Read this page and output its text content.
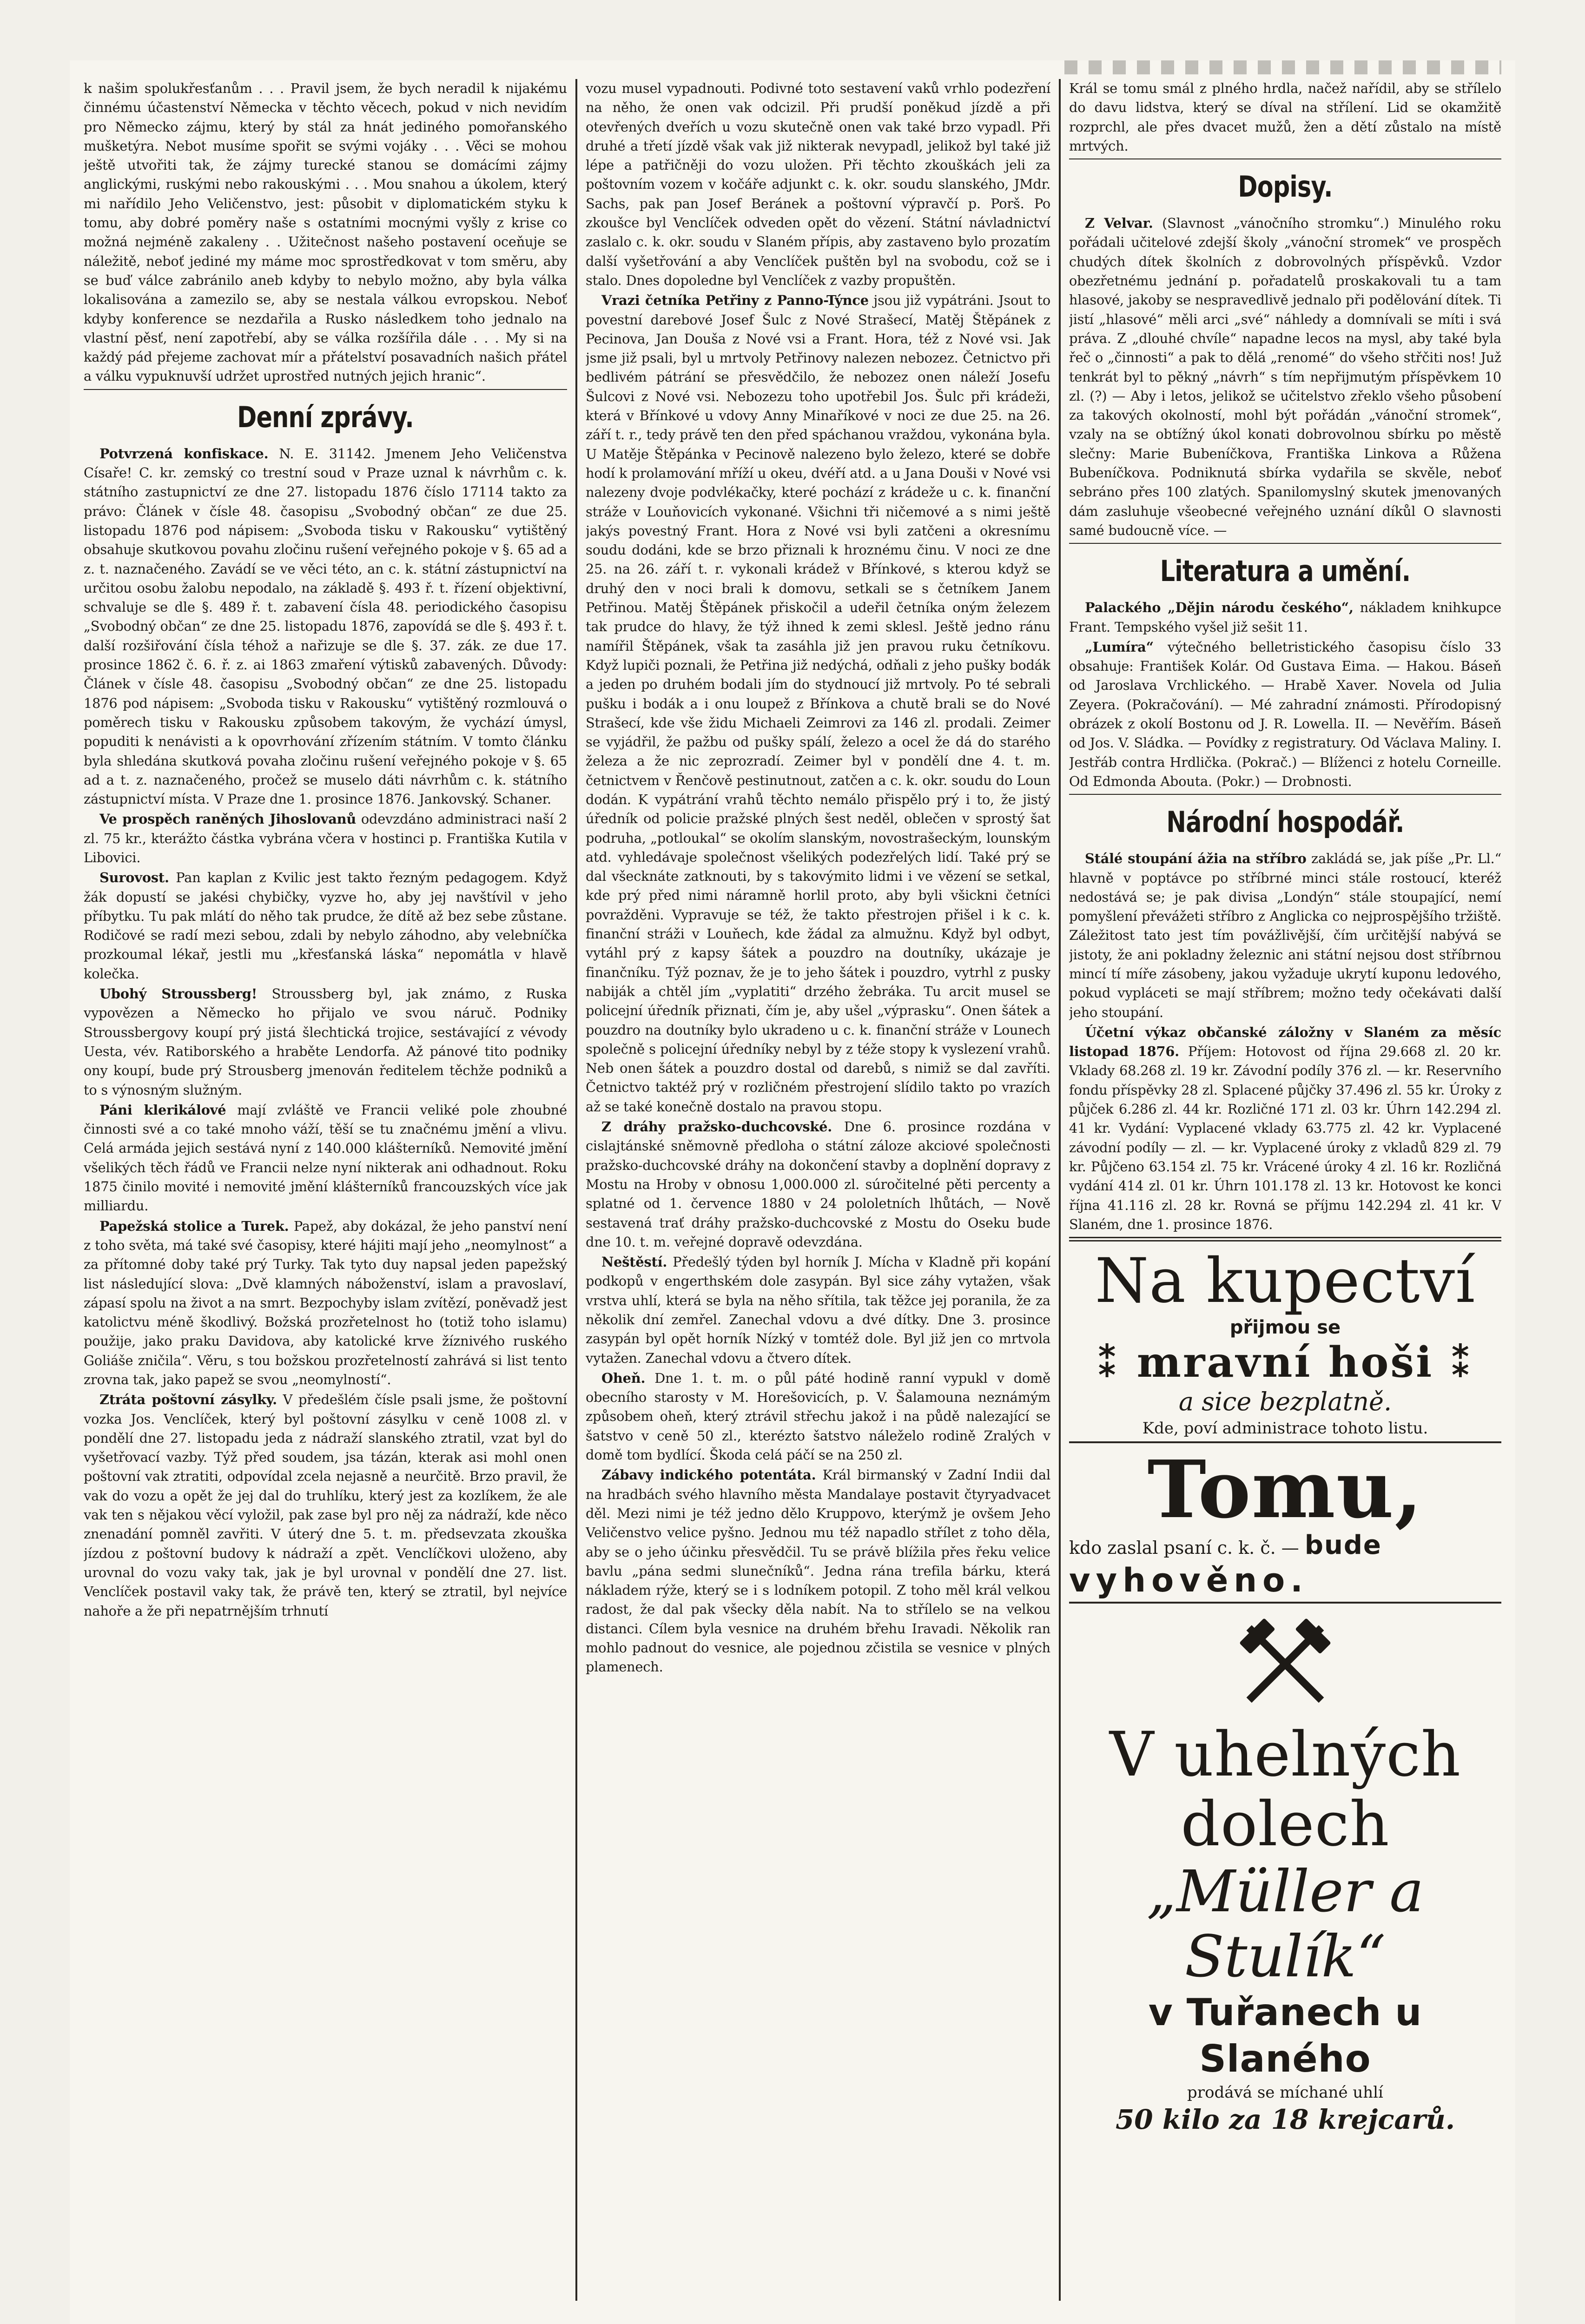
k našim spolukřesťanům . . . Pravil jsem, že bych neradil k nijakému činnému účastenství Německa v těchto věcech, pokud v nich nevidím pro Německo zájmu, který by stál za hnát jediného pomořanského mušketýra. Nebot musíme spořit se svými vojáky . . . Věci se mohou ještě utvořiti tak, že zájmy turecké stanou se domácími zájmy anglickými, ruskými nebo rakouskými . . . Mou snahou a úkolem, který mi nařídilo Jeho Veličenstvo, jest: působit v diplomatickém styku k tomu, aby dobré poměry naše s ostatními mocnými vyšly z krise co možná nejméně zakaleny . . Užitečnost našeho postavení oceňuje se náležitě, neboť jediné my máme moc sprostředkovat v tom směru, aby se buď válce zabránilo aneb kdyby to nebylo možno, aby byla válka lokalisována a zamezilo se, aby se nestala válkou evropskou. Neboť kdyby konference se nezdařila a Rusko následkem toho jednalo na vlastní pěsť, není zapotřebí, aby se válka rozšířila dále . . . My si na každý pád přejeme zachovat mír a přátelství posavadních našich přátel a válku vypuknuvší udržet uprostřed nutných jejich hranic“.

Denní zprávy.

Potvrzená konfiskace. N. E. 31142. Jmenem Jeho Veličenstva Císaře! C. kr. zemský co trestní soud v Praze uznal k návrhům c. k. státního zastupnictví ze dne 27. listopadu 1876 číslo 17114 takto za právo: Článek v čísle 48. časopisu „Svobodný občan“ ze due 25. listopadu 1876 pod nápisem: „Svoboda tisku v Rakousku“ vytištěný obsahuje skutkovou povahu zločinu rušení veřejného pokoje v §. 65 ad a z. t. naznačeného. Zavádí se ve věci této, an c. k. státní zástupnictví na určitou osobu žalobu nepodalo, na základě §. 493 ř. t. řízení objektivní, schvaluje se dle §. 489 ř. t. zabavení čísla 48. periodického časopisu „Svobodný občan“ ze dne 25. listopadu 1876, zapovídá se dle §. 493 ř. t. další rozšiřování čísla téhož a nařizuje se dle §. 37. zák. ze due 17. prosince 1862 č. 6. ř. z. ai 1863 zmaření výtisků zabavených. Důvody: Článek v čísle 48. časopisu „Svobodný občan“ ze dne 25. listopadu 1876 pod nápisem: „Svoboda tisku v Rakousku“ vytištěný rozmlouvá o poměrech tisku v Rakousku způsobem takovým, že vychází úmysl, popuditi k nenávisti a k opovrhování zřízením státním. V tomto článku byla shledána skutková povaha zločinu rušení veřejného pokoje v §. 65 ad a t. z. naznačeného, pročež se muselo dáti návrhům c. k. státního zástupnictví místa. V Praze dne 1. prosince 1876. Jankovský. Schaner.

Ve prospěch raněných Jihoslovanů odevzdáno administraci naší 2 zl. 75 kr., kterážto částka vybrána včera v hostinci p. Františka Kutila v Libovici.

Surovost. Pan kaplan z Kvilic jest takto řezným pedagogem. Když žák dopustí se jakési chybičky, vyzve ho, aby jej navštívil v jeho příbytku. Tu pak mlátí do něho tak prudce, že dítě až bez sebe zůstane. Rodičové se radí mezi sebou, zdali by nebylo záhodno, aby velebníčka prozkoumal lékař, jestli mu „křesťanská láska“ nepomátla v hlavě kolečka.

Ubohý Stroussberg! Stroussberg byl, jak známo, z Ruska vypovězen a Německo ho přijalo ve svou náruč. Podniky Stroussbergovy koupí prý jistá šlechtická trojice, sestávající z vévody Uesta, vév. Ratiborského a hraběte Lendorfa. Až pánové tito podniky ony koupí, bude prý Strousberg jmenován ředitelem těchže podniků a to s výnosným služným.

Páni klerikálové mají zvláště ve Francii veliké pole zhoubné činnosti své a co také mnoho váží, těší se tu značnému jmění a vlivu. Celá armáda jejich sestává nyní z 140.000 klášterníků. Nemovité jmění všelikých těch řádů ve Francii nelze nyní nikterak ani odhadnout. Roku 1875 činilo movité i nemovité jmění klášterníků francouzských více jak milliardu.

Papežská stolice a Turek. Papež, aby dokázal, že jeho panství není z toho světa, má také své časopisy, které hájiti mají jeho „neomylnost“ a za přítomné doby také prý Turky. Tak tyto duy napsal jeden papežský list následující slova: „Dvě klamných náboženství, islam a pravoslaví, zápasí spolu na život a na smrt. Bezpochyby islam zvítězí, poněvadž jest katolictvu méně škodlivý. Božská prozřetelnost ho (totiž toho islamu) použije, jako praku Davidova, aby katolické krve žíznivého ruského Goliáše zničila“. Věru, s tou božskou prozřetelností zahrává si list tento zrovna tak, jako papež se svou „neomylností“.

Ztráta poštovní zásylky. V předešlém čísle psali jsme, že poštovní vozka Jos. Venclíček, který byl poštovní zásylku v ceně 1008 zl. v pondělí dne 27. listopadu jeda z nádraží slanského ztratil, vzat byl do vyšetřovací vazby. Týž před soudem, jsa tázán, kterak asi mohl onen poštovní vak ztratiti, odpovídal zcela nejasně a neurčitě. Brzo pravil, že vak do vozu a opět že jej dal do truhlíku, který jest za kozlíkem, že ale vak ten s nějakou věcí vyložil, pak zase byl pro něj za nádraží, kde něco znenadání pomněl zavřiti. V úterý dne 5. t. m. předsevzata zkouška jízdou z poštovní budovy k nádraží a zpět. Venclíčkovi uloženo, aby urovnal do vozu vaky tak, jak je byl urovnal v pondělí dne 27. list. Venclíček postavil vaky tak, že právě ten, který se ztratil, byl nejvíce nahoře a že při nepatrnějším trhnutí

vozu musel vypadnouti. Podivné toto sestavení vaků vrhlo podezření na něho, že onen vak odcizil. Při prudší poněkud jízdě a při otevřených dveřích u vozu skutečně onen vak také brzo vypadl. Při druhé a třetí jízdě však vak již nikterak nevypadl, jelikož byl také již lépe a patřičněji do vozu uložen. Při těchto zkouškách jeli za poštovním vozem v kočáře adjunkt c. k. okr. soudu slanského, JMdr. Sachs, pak pan Josef Beránek a poštovní výpravčí p. Porš. Po zkoušce byl Venclíček odveden opět do vězení. Státní návladnictví zaslalo c. k. okr. soudu v Slaném přípis, aby zastaveno bylo prozatím další vyšetřování a aby Venclíček puštěn byl na svobodu, což se i stalo. Dnes dopoledne byl Venclíček z vazby propuštěn.

Vrazi četníka Petřiny z Panno-Týnce jsou již vypátráni. Jsout to povestní darebové Josef Šulc z Nové Strašecí, Matěj Štěpánek z Pecinova, Jan Douša z Nové vsi a Frant. Hora, též z Nové vsi. Jak jsme již psali, byl u mrtvoly Petřinovy nalezen nebozez. Četnictvo při bedlivém pátrání se přesvědčilo, že nebozez onen náleží Josefu Šulcovi z Nové vsi. Nebozezu toho upotřebil Jos. Šulc při krádeži, která v Břínkové u vdovy Anny Minaříkové v noci ze due 25. na 26. září t. r., tedy právě ten den před spáchanou vraždou, vykonána byla. U Matěje Štěpánka v Pecinově nalezeno bylo železo, které se dobře hodí k prolamování mříží u okeu, dvéří atd. a u Jana Douši v Nové vsi nalezeny dvoje podvlékačky, které pochází z krádeže u c. k. finanční stráže v Louňovicích vykonané. Všichni tři ničemové a s nimi ještě jakýs povestný Frant. Hora z Nové vsi byli zatčeni a okresnímu soudu dodáni, kde se brzo přiznali k hroznému činu. V noci ze dne 25. na 26. září t. r. vykonali krádež v Břínkové, s kterou když se druhý den v noci brali k domovu, setkali se s četníkem Janem Petřinou. Matěj Štěpánek přiskočil a udeřil četníka oným železem tak prudce do hlavy, že týž ihned k zemi sklesl. Ještě jedno ránu namířil Štěpánek, však ta zasáhla již jen pravou ruku četníkovu. Když lupiči poznali, že Petřina již nedýchá, odňali z jeho pušky bodák a jeden po druhém bodali jím do stydnoucí již mrtvoly. Po té sebrali pušku i bodák a i onu loupež z Břínkova a chutě brali se do Nové Strašecí, kde vše židu Michaeli Zeimrovi za 146 zl. prodali. Zeimer se vyjádřil, že pažbu od pušky spálí, železo a ocel že dá do starého železa a že nic zeprozradí. Zeimer byl v pondělí dne 4. t. m. četnictvem v Řenčově pestinutnout, zatčen a c. k. okr. soudu do Loun dodán. K vypátrání vrahů těchto nemálo přispělo prý i to, že jistý úředník od policie pražské plných šest neděl, oblečen v sprostý šat podruha, „potloukal“ se okolím slanským, novostrašeckým, lounským atd. vyhledávaje společnost všelikých podezřelých lidí. Také prý se dal všecknáte zatknouti, by s takovýmito lidmi i ve vězení se setkal, kde prý před nimi náramně horlil proto, aby byli všickni četníci povražděni. Vypravuje se též, že takto přestrojen přišel i k c. k. finanční stráži v Louňech, kde žádal za almužnu. Když byl odbyt, vytáhl prý z kapsy šátek a pouzdro na doutníky, ukázaje je finančníku. Týž poznav, že je to jeho šátek i pouzdro, vytrhl z pusky nabiják a chtěl jím „vyplatiti“ drzého žebráka. Tu arcit musel se policejní úředník přiznati, čím je, aby ušel „výprasku“. Onen šátek a pouzdro na doutníky bylo ukradeno u c. k. finanční stráže v Lounech společně s policejní úředníky nebyl by z téže stopy k vyslezení vrahů. Neb onen šátek a pouzdro dostal od darebů, s nimiž se dal zavříti. Četnictvo taktéž prý v rozličném přestrojení slídilo takto po vrazích až se také konečně dostalo na pravou stopu.

Z dráhy pražsko-duchcovské. Dne 6. prosince rozdána v cislajtánské sněmovně předloha o státní záloze akciové společnosti pražsko-duchcovské dráhy na dokončení stavby a doplnění dopravy z Mostu na Hroby v obnosu 1,000.000 zl. súročitelné pěti percenty a splatné od 1. července 1880 v 24 pololetních lhůtách, — Nově sestavená trať dráhy pražsko-duchcovské z Mostu do Oseku bude dne 10. t. m. veřejné dopravě odevzdána.

Neštěstí. Předešlý týden byl horník J. Mícha v Kladně při kopání podkopů v engerthském dole zasypán. Byl sice záhy vytažen, však vrstva uhlí, která se byla na něho sřítila, tak těžce jej poranila, že za několik dní zemřel. Zanechal vdovu a dvé dítky. Dne 3. prosince zasypán byl opět horník Nízký v tomtéž dole. Byl již jen co mrtvola vytažen. Zanechal vdovu a čtvero dítek.

Oheň. Dne 1. t. m. o půl páté hodině ranní vypukl v domě obecního starosty v M. Horešovicích, p. V. Šalamouna neznámým způsobem oheň, který ztrávil střechu jakož i na půdě nalezající se šatstvo v ceně 50 zl., kterézto šatstvo náleželo rodině Zralých v domě tom bydlící. Škoda celá páčí se na 250 zl.

Zábavy indického potentáta. Král birmanský v Zadní Indii dal na hradbách svého hlavního města Mandalaye postavit čtyryadvacet děl. Mezi nimi je též jedno dělo Kruppovo, kterýmž je ovšem Jeho Veličenstvo velice pyšno. Jednou mu též napadlo střílet z toho děla, aby se o jeho účinku přesvědčil. Tu se právě blížila přes řeku velice bavlu „pána sedmi slunečníků“. Jedna rána trefila bárku, která nákladem rýže, který se i s lodníkem potopil. Z toho měl král velkou radost, že dal pak všecky děla nabít. Na to střílelo se na velkou distanci. Cílem byla vesnice na druhém břehu Iravadi. Několik ran mohlo padnout do vesnice, ale pojednou zčistila se vesnice v plných plamenech.

Král se tomu smál z plného hrdla, načež nařídil, aby se střílelo do davu lidstva, který se díval na střílení. Lid se okamžitě rozprchl, ale přes dvacet mužů, žen a dětí zůstalo na místě mrtvých.

Dopisy.

Z Velvar. (Slavnost „vánočního stromku“.) Minulého roku pořádali učitelové zdejší školy „vánoční stromek“ ve prospěch chudých dítek školních z dobrovolných příspěvků. Vzdor obezřetnému jednání p. pořadatelů proskakovali tu a tam hlasové, jakoby se nespravedlivě jednalo při podělování dítek. Ti jistí „hlasové“ měli arci „své“ náhledy a domnívali se míti i svá práva. Z „dlouhé chvíle“ napadne lecos na mysl, aby také byla řeč o „činnosti“ a pak to dělá „renomé“ do všeho střčiti nos! Juž tenkrát byl to pěkný „návrh“ s tím nepřijmutým příspěvkem 10 zl. (?) — Aby i letos, jelikož se učitelstvo zřeklo všeho působení za takových okolností, mohl být pořádán „vánoční stromek“, vzaly na se obtížný úkol konati dobrovolnou sbírku po městě slečny: Marie Bubeníčkova, Františka Linkova a Růžena Bubeníčkova. Podniknutá sbírka vydařila se skvěle, neboť sebráno přes 100 zlatých. Spanilomyslný skutek jmenovaných dám zasluhuje všeobecné veřejného uznání díkůl O slavnosti samé budoucně více. —

Literatura a umění.

Palackého „Dějin národu českého“, nákladem knihkupce Frant. Tempského vyšel již sešit 11.

„Lumíra“ výtečného belletristického časopisu číslo 33 obsahuje: František Kolár. Od Gustava Eima. — Hakou. Báseň od Jaroslava Vrchlického. — Hrabě Xaver. Novela od Julia Zeyera. (Pokračování). — Mé zahradní známosti. Přírodopisný obrázek z okolí Bostonu od J. R. Lowella. II. — Nevěřím. Báseň od Jos. V. Sládka. — Povídky z registratury. Od Václava Maliny. I. Jestřáb contra Hrdlička. (Pokrač.) — Blíženci z hotelu Corneille. Od Edmonda Abouta. (Pokr.) — Drobnosti.

Národní hospodář.

Stálé stoupání ážia na stříbro zakládá se, jak píše „Pr. Ll.“ hlavně v poptávce po stříbrné minci stále rostoucí, kteréž nedostává se; je pak divisa „Londýn“ stále stoupající, nemí pomyšlení převážeti stříbro z Anglicka co nejprospějšího tržiště. Záležitost tato jest tím povážlivější, čím určitější nabývá se jistoty, že ani pokladny železnic ani státní nejsou dost stříbrnou mincí tí míře zásobeny, jakou vyžaduje ukrytí kuponu ledového, pokud vypláceti se mají stříbrem; možno tedy očekávati další jeho stoupání.

Účetní výkaz občanské záložny v Slaném za měsíc listopad 1876. Příjem: Hotovost od října 29.668 zl. 20 kr. Vklady 68.268 zl. 19 kr. Závodní podíly 376 zl. — kr. Reservního fondu příspěvky 28 zl. Splacené půjčky 37.496 zl. 55 kr. Úroky z půjček 6.286 zl. 44 kr. Rozličné 171 zl. 03 kr. Úhrn 142.294 zl. 41 kr. Vydání: Vyplacené vklady 63.775 zl. 42 kr. Vyplacené závodní podíly — zl. — kr. Vyplacené úroky z vkladů 829 zl. 79 kr. Půjčeno 63.154 zl. 75 kr. Vrácené úroky 4 zl. 16 kr. Rozličná vydání 414 zl. 01 kr. Úhrn 101.178 zl. 13 kr. Hotovost ke konci října 41.116 zl. 28 kr. Rovná se příjmu 142.294 zl. 41 kr. V Slaném, dne 1. prosince 1876.

Na kupectví
přijmou se
⁑ mravní hoši ⁑
a sice bezplatně.
Kde, poví administrace tohoto listu.
Tomu,
kdo zaslal psaní c. k. č. — bude
vyhověno.
V uhelných dolech
„Müller a Stulík“
v Tuřanech u Slaného
prodává se míchané uhlí
50 kilo za 18 krejcarů.
